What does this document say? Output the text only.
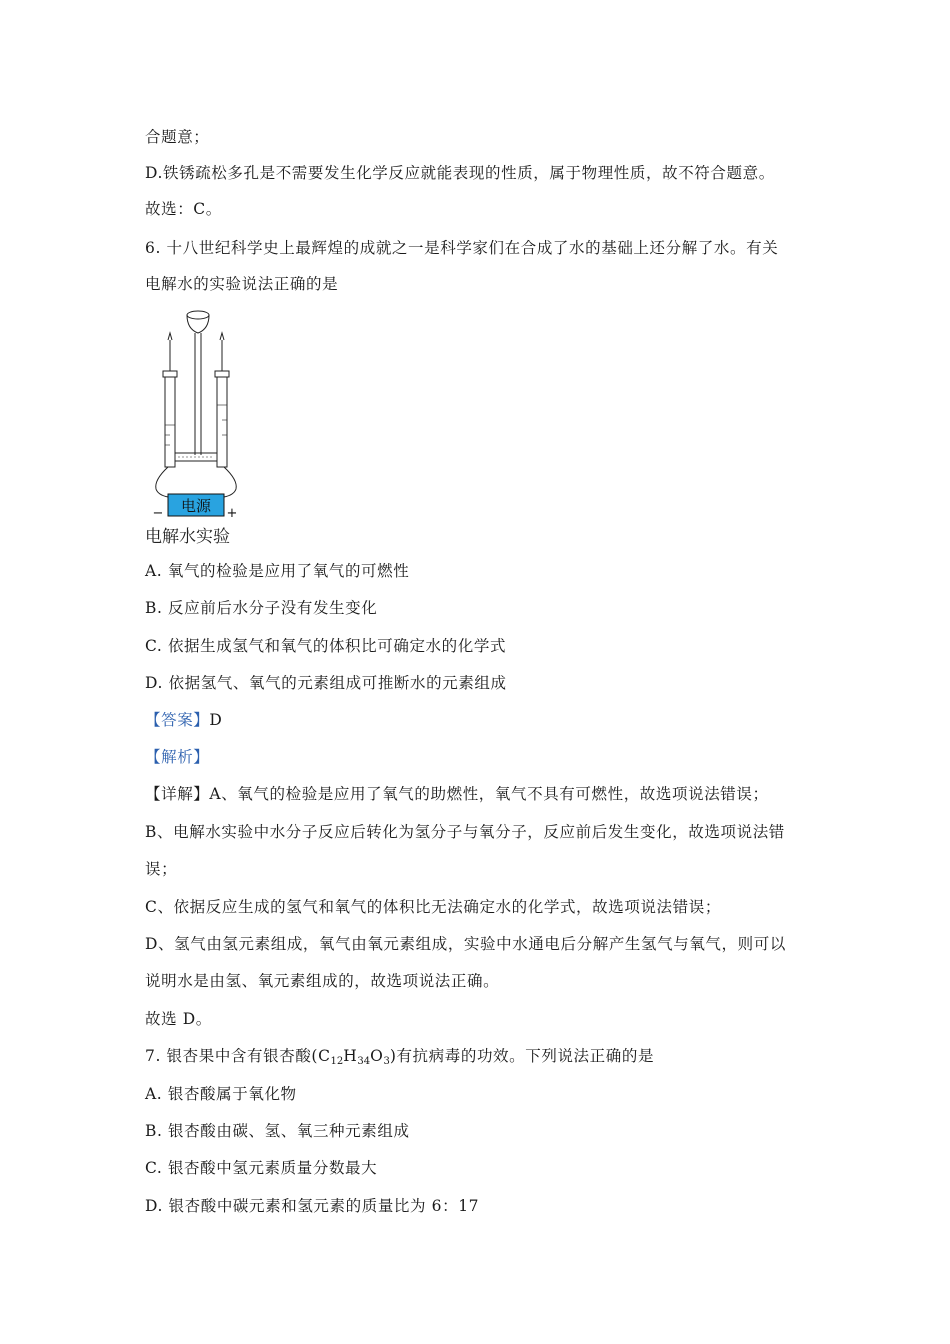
合题意；
D.铁锈疏松多孔是不需要发生化学反应就能表现的性质，属于物理性质，故不符合题意。
故选：C。
6. 十八世纪科学史上最辉煌的成就之一是科学家们在合成了水的基础上还分解了水。有关
电解水的实验说法正确的是
电源
−	+
电解水实验
A. 氧气的检验是应用了氧气的可燃性
B. 反应前后水分子没有发生变化
C. 依据生成氢气和氧气的体积比可确定水的化学式
D. 依据氢气、氧气的元素组成可推断水的元素组成
【答案】D
【解析】
【详解】A、氧气的检验是应用了氧气的助燃性，氧气不具有可燃性，故选项说法错误；
B、电解水实验中水分子反应后转化为氢分子与氧分子，反应前后发生变化，故选项说法错
误；
C、依据反应生成的氢气和氧气的体积比无法确定水的化学式，故选项说法错误；
D、氢气由氢元素组成，氧气由氧元素组成，实验中水通电后分解产生氢气与氧气，则可以
说明水是由氢、氧元素组成的，故选项说法正确。
故选 D。
7. 银杏果中含有银杏酸$(C_{12}H_{34}O_3)$有抗病毒的功效。下列说法正确的是
A. 银杏酸属于氧化物
B. 银杏酸由碳、氢、氧三种元素组成
C. 银杏酸中氢元素质量分数最大
D. 银杏酸中碳元素和氢元素的质量比为 6：17
